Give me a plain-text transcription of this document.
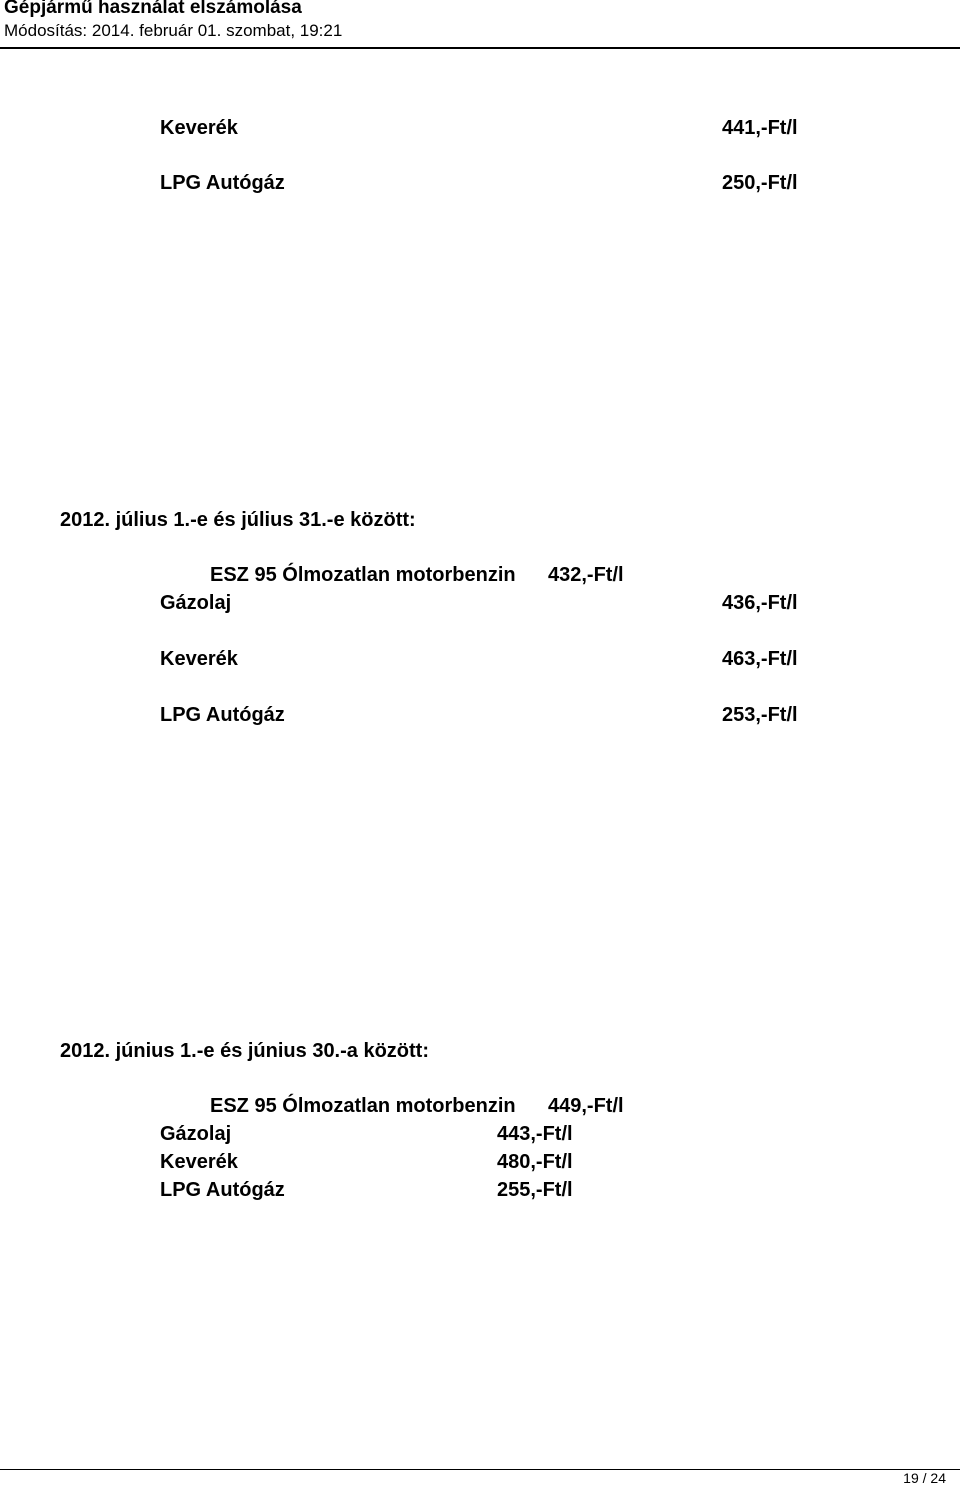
Gépjármű használat elszámolása
Módosítás: 2014. február 01. szombat, 19:21
Keverék	441,-Ft/l
LPG Autógáz	250,-Ft/l
2012. július 1.-e és július 31.-e között:
ESZ 95 Ólmozatlan motorbenzin 432,-Ft/l
Gázolaj	436,-Ft/l
Keverék	463,-Ft/l
LPG Autógáz	253,-Ft/l
2012. június 1.-e és június 30.-a között:
ESZ 95 Ólmozatlan motorbenzin 449,-Ft/l
Gázolaj	443,-Ft/l
Keverék	480,-Ft/l
LPG Autógáz	255,-Ft/l
19 / 24
